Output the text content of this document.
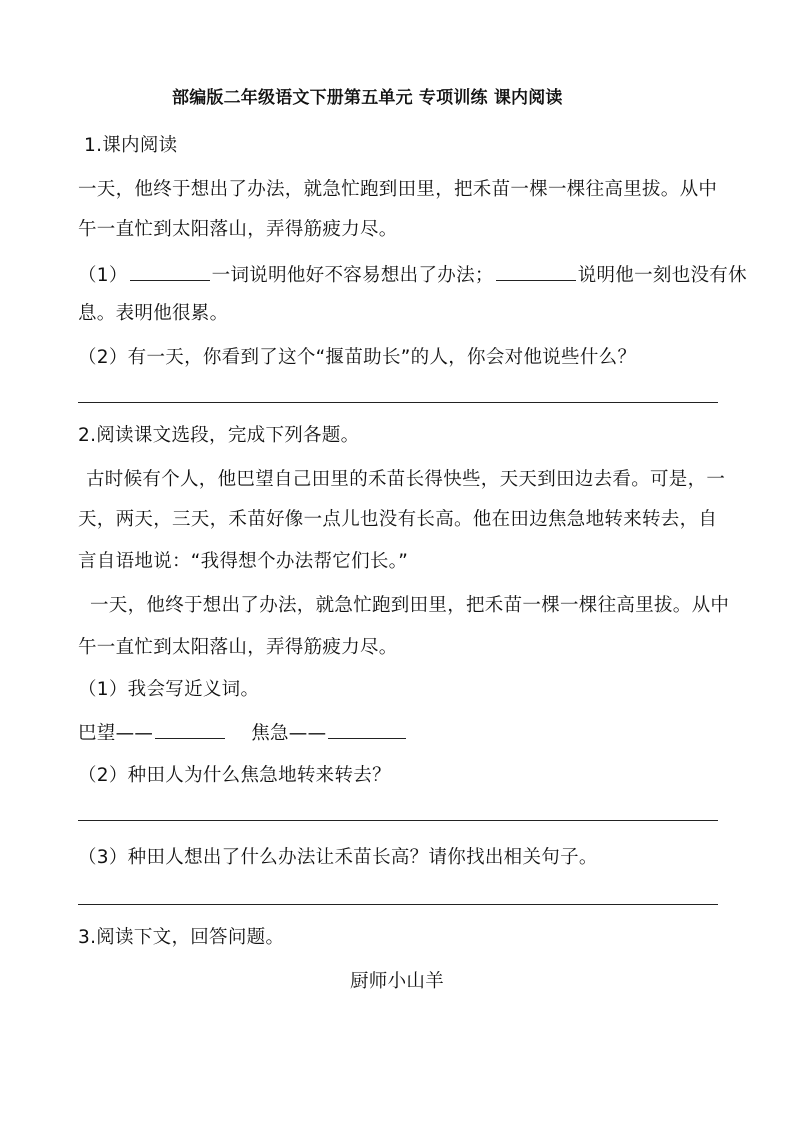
部编版二年级语文下册第五单元 专项训练 课内阅读
1.课内阅读
一天，他终于想出了办法，就急忙跑到田里，把禾苗一棵一棵往高里拔。从中
午一直忙到太阳落山，弄得筋疲力尽。
（1）	一词说明他好不容易想出了办法；	说明他一刻也没有休
息。表明他很累。
（2）有一天，你看到了这个“揠苗助长”的人，你会对他说些什么？
2.阅读课文选段，完成下列各题。
古时候有个人，他巴望自己田里的禾苗长得快些，天天到田边去看。可是，一
天，两天，三天，禾苗好像一点儿也没有长高。他在田边焦急地转来转去，自
言自语地说：“我得想个办法帮它们长。”
一天，他终于想出了办法，就急忙跑到田里，把禾苗一棵一棵往高里拔。从中
午一直忙到太阳落山，弄得筋疲力尽。
（1）我会写近义词。
巴望——	焦急——
（2）种田人为什么焦急地转来转去？
（3）种田人想出了什么办法让禾苗长高？请你找出相关句子。
3.阅读下文，回答问题。
厨师小山羊
